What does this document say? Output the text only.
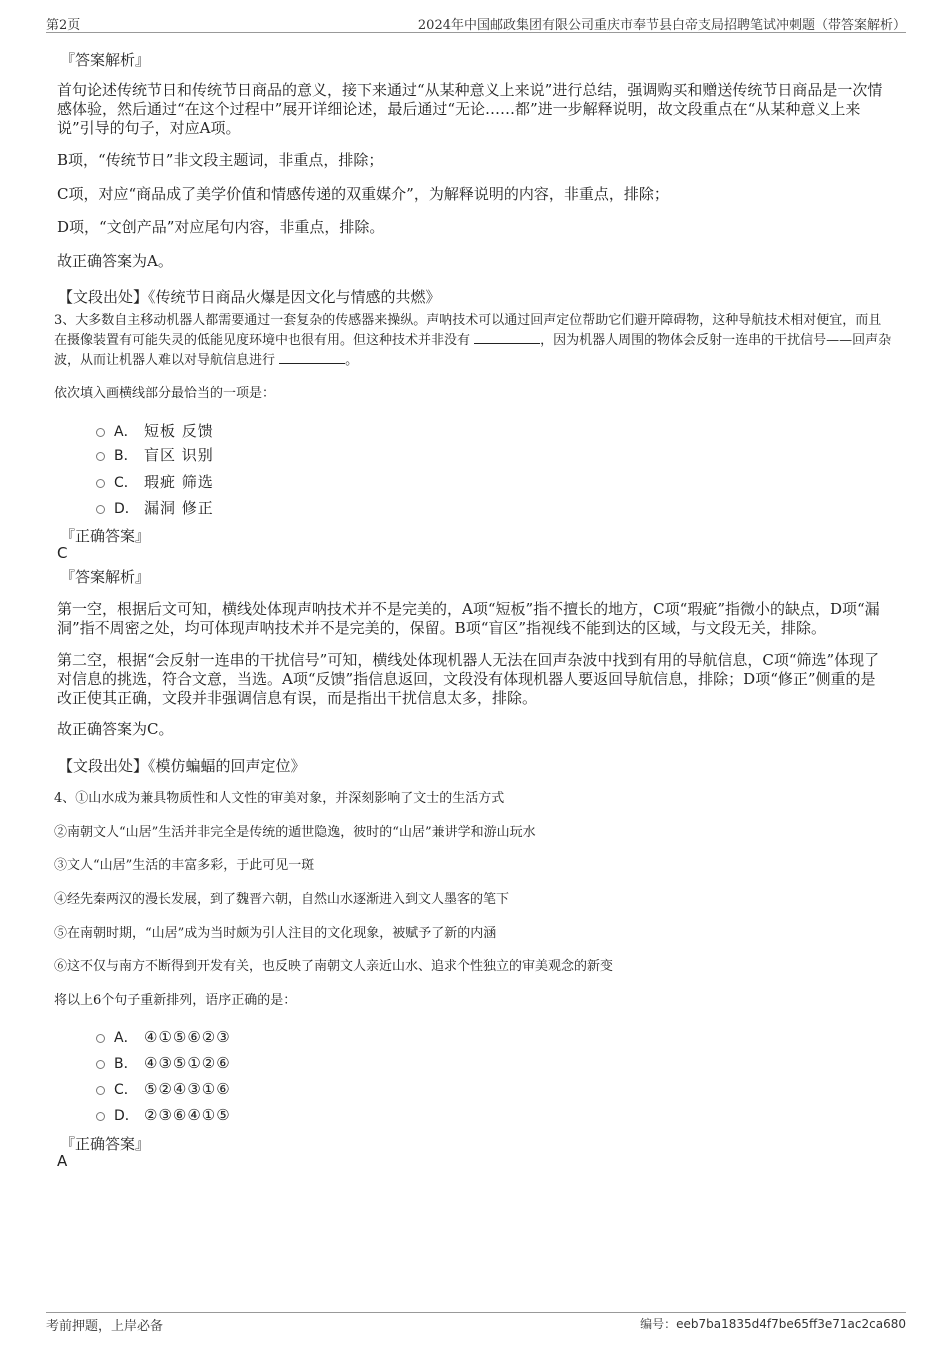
第2页	2024年中国邮政集团有限公司重庆市奉节县白帝支局招聘笔试冲刺题（带答案解析）
『答案解析』
首句论述传统节日和传统节日商品的意义，接下来通过“从某种意义上来说”进行总结，强调购买和赠送传统节日商品是一次情感体验，然后通过“在这个过程中”展开详细论述，最后通过“无论……都”进一步解释说明，故文段重点在“从某种意义上来说”引导的句子，对应A项。
B项，“传统节日”非文段主题词，非重点，排除；
C项，对应“商品成了美学价值和情感传递的双重媒介”，为解释说明的内容，非重点，排除；
D项，“文创产品”对应尾句内容，非重点，排除。
故正确答案为A。
【文段出处】《传统节日商品火爆是因文化与情感的共燃》
3、大多数自主移动机器人都需要通过一套复杂的传感器来操纵。声呐技术可以通过回声定位帮助它们避开障碍物，这种导航技术相对便宜，而且在摄像装置有可能失灵的低能见度环境中也很有用。但这种技术并非没有	，因为机器人周围的物体会反射一连串的干扰信号——回声杂波，从而让机器人难以对导航信息进行	。
依次填入画横线部分最恰当的一项是：
A． 短板 反馈
B． 盲区 识别
C． 瑕疵 筛选
D． 漏洞 修正
『正确答案』
C
『答案解析』
第一空，根据后文可知，横线处体现声呐技术并不是完美的，A项“短板”指不擅长的地方，C项“瑕疵”指微小的缺点，D项“漏洞”指不周密之处，均可体现声呐技术并不是完美的，保留。B项“盲区”指视线不能到达的区域，与文段无关，排除。
第二空，根据“会反射一连串的干扰信号”可知，横线处体现机器人无法在回声杂波中找到有用的导航信息，C项“筛选”体现了对信息的挑选，符合文意，当选。A项“反馈”指信息返回，文段没有体现机器人要返回导航信息，排除；D项“修正”侧重的是改正使其正确，文段并非强调信息有误，而是指出干扰信息太多，排除。
故正确答案为C。
【文段出处】《模仿蝙蝠的回声定位》
4、①山水成为兼具物质性和人文性的审美对象，并深刻影响了文士的生活方式
②南朝文人“山居”生活并非完全是传统的遁世隐逸，彼时的“山居”兼讲学和游山玩水
③文人“山居”生活的丰富多彩，于此可见一斑
④经先秦两汉的漫长发展，到了魏晋六朝，自然山水逐渐进入到文人墨客的笔下
⑤在南朝时期，“山居”成为当时颇为引人注目的文化现象，被赋予了新的内涵
⑥这不仅与南方不断得到开发有关，也反映了南朝文人亲近山水、追求个性独立的审美观念的新变
将以上6个句子重新排列，语序正确的是：
A． ④①⑤⑥②③
B． ④③⑤①②⑥
C． ⑤②④③①⑥
D． ②③⑥④①⑤
『正确答案』
A
考前押题，上岸必备	编号：eeb7ba1835d4f7be65ff3e71ac2ca680
